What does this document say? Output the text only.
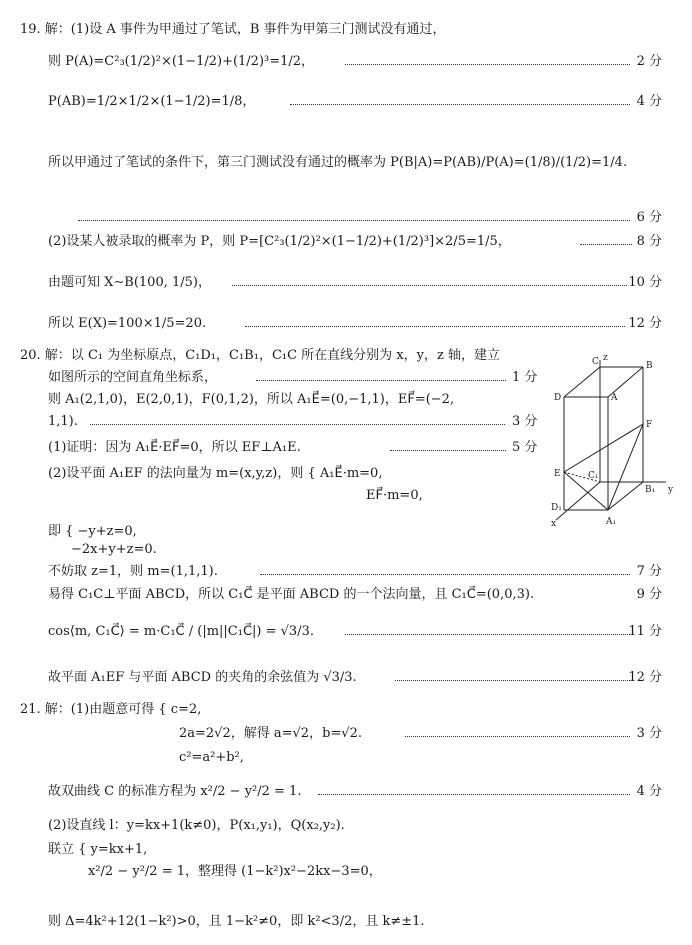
19. 解：(1)设 A 事件为甲通过了笔试，B 事件为甲第三门测试没有通过，
则 P(A)=C²₃(1/2)²×(1−1/2)+(1/2)³=1/2，	2 分
P(AB)=1/2×1/2×(1−1/2)=1/8，	4 分
所以甲通过了笔试的条件下，第三门测试没有通过的概率为 P(B|A)=P(AB)/P(A)=(1/8)/(1/2)=1/4.
6 分
(2)设某人被录取的概率为 P，则 P=[C²₃(1/2)²×(1−1/2)+(1/2)³]×2/5=1/5，	8 分
由题可知 X∼B(100, 1/5)，	10 分
所以 E(X)=100×1/5=20.	12 分
20. 解：以 C₁ 为坐标原点，C₁D₁，C₁B₁，C₁C 所在直线分别为 x，y，z 轴，建立
如图所示的空间直角坐标系，	1 分
则 A₁(2,1,0)，E(2,0,1)，F(0,1,2)，所以 A₁E⃗=(0,−1,1)，EF⃗=(−2,
1,1).	3 分
(1)证明：因为 A₁E⃗·EF⃗=0，所以 EF⊥A₁E.	5 分
(2)设平面 A₁EF 的法向量为 m=(x,y,z)，则 { A₁E⃗·m=0,
EF⃗·m=0,
即 { −y+z=0,
−2x+y+z=0.
不妨取 z=1，则 m=(1,1,1).	7 分
易得 C₁C⊥平面 ABCD，所以 C₁C⃗ 是平面 ABCD 的一个法向量，且 C₁C⃗=(0,0,3).	9 分
cos⟨m, C₁C⃗⟩ = m·C₁C⃗ / (|m||C₁C⃗|) = √3/3.	11 分
故平面 A₁EF 与平面 ABCD 的夹角的余弦值为 √3/3.	12 分
C z
B
D	A
F
E	C₁
D₁
B₁ y
x	A₁
21. 解：(1)由题意可得 { c=2,
2a=2√2，解得 a=√2，b=√2.	3 分
c²=a²+b²,
故双曲线 C 的标准方程为 x²/2 − y²/2 = 1.	4 分
(2)设直线 l：y=kx+1(k≠0)，P(x₁,y₁)，Q(x₂,y₂).
联立 { y=kx+1,
x²/2 − y²/2 = 1，整理得 (1−k²)x²−2kx−3=0，
则 Δ=4k²+12(1−k²)>0，且 1−k²≠0，即 k²<3/2，且 k≠±1.
